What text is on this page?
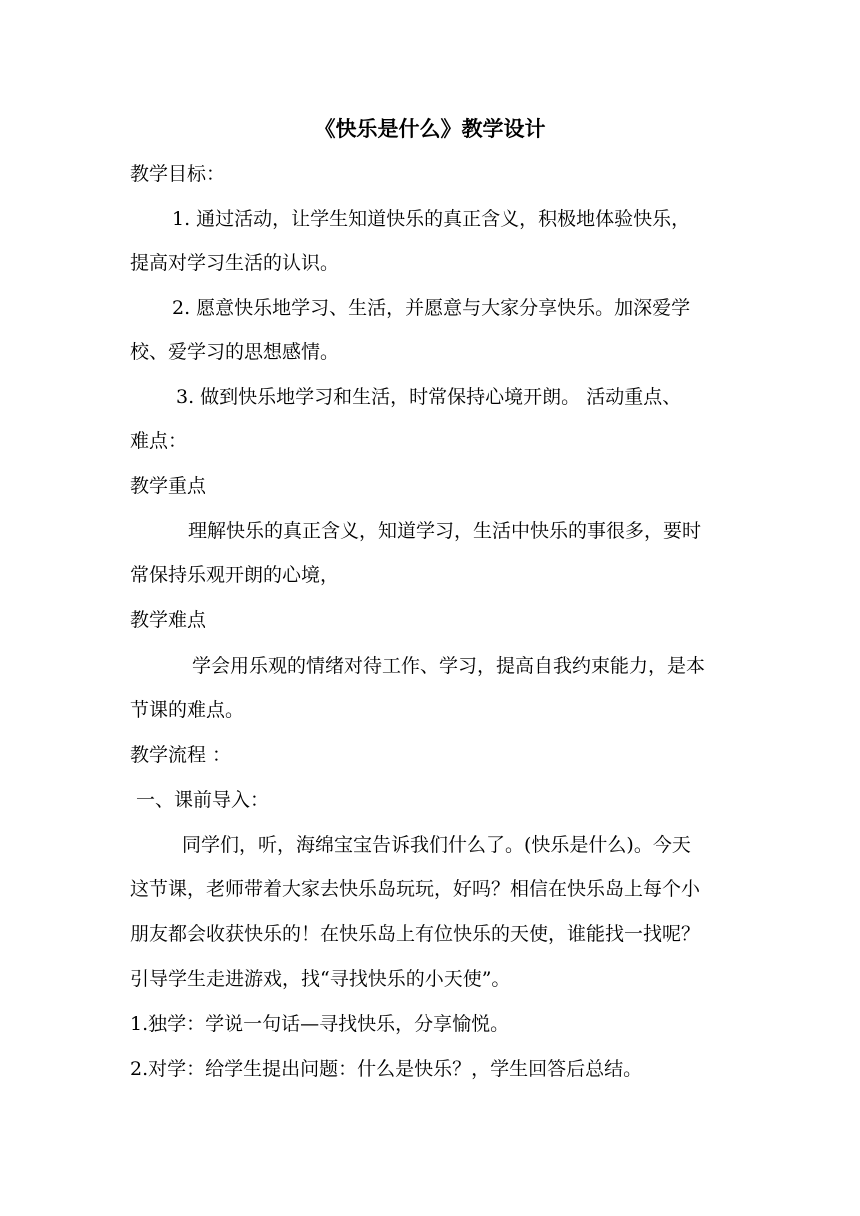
《快乐是什么》教学设计
教学目标：
1. 通过活动，让学生知道快乐的真正含义，积极地体验快乐，
提高对学习生活的认识。
2. 愿意快乐地学习、生活，并愿意与大家分享快乐。加深爱学
校、爱学习的思想感情。
3. 做到快乐地学习和生活，时常保持心境开朗。 活动重点、
难点：
教学重点
理解快乐的真正含义，知道学习，生活中快乐的事很多，要时
常保持乐观开朗的心境，
教学难点
学会用乐观的情绪对待工作、学习，提高自我约束能力，是本
节课的难点。
教学流程 ：
一、课前导入：
同学们，听，海绵宝宝告诉我们什么了。(快乐是什么)。今天
这节课，老师带着大家去快乐岛玩玩，好吗？相信在快乐岛上每个小
朋友都会收获快乐的！在快乐岛上有位快乐的天使，谁能找一找呢？
引导学生走进游戏，找“寻找快乐的小天使”。
1.独学：学说一句话—寻找快乐，分享愉悦。
2.对学：给学生提出问题：什么是快乐？，学生回答后总结。
